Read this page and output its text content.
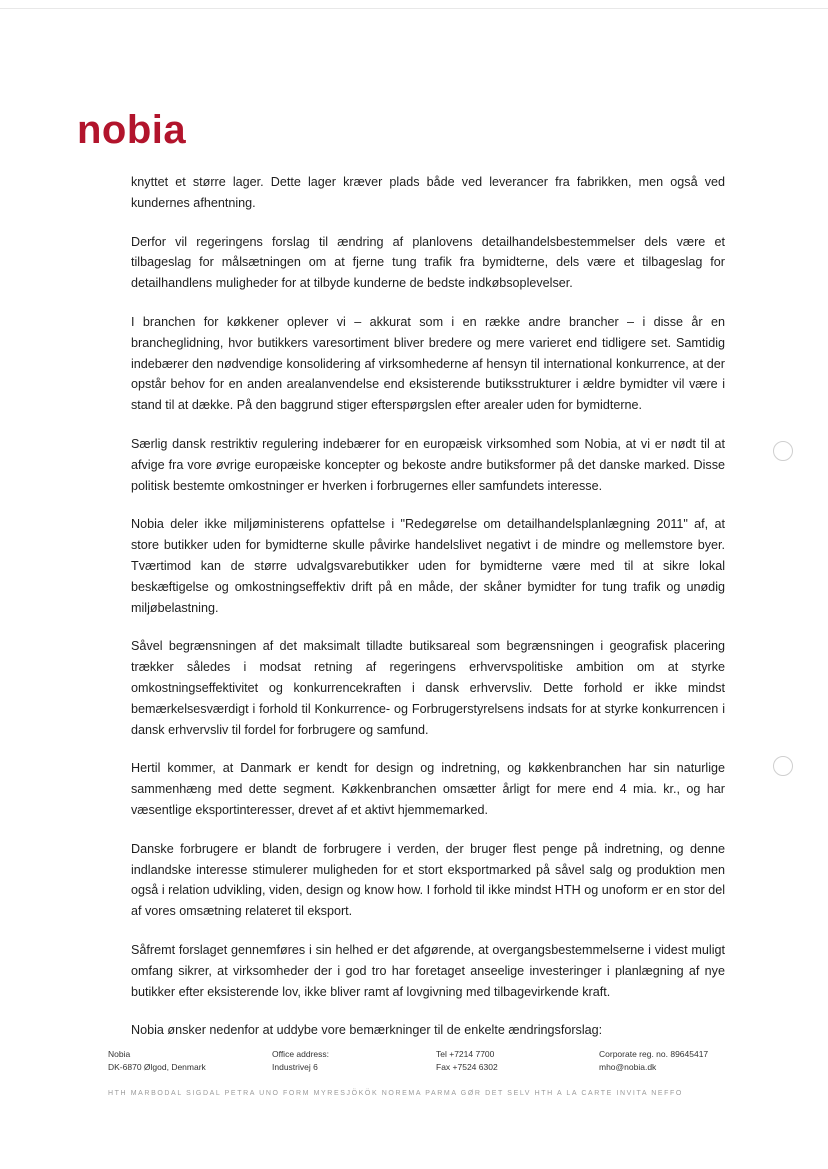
nobia

knyttet et større lager. Dette lager kræver plads både ved leverancer fra fabrikken, men også ved kundernes afhentning.

Derfor vil regeringens forslag til ændring af planlovens detailhandelsbestemmelser dels være et tilbageslag for målsætningen om at fjerne tung trafik fra bymidterne, dels være et tilbageslag for detailhandlens muligheder for at tilbyde kunderne de bedste indkøbsoplevelser.

I branchen for køkkener oplever vi – akkurat som i en række andre brancher – i disse år en brancheglidning, hvor butikkers varesortiment bliver bredere og mere varieret end tidligere set. Samtidig indebærer den nødvendige konsolidering af virksomhederne af hensyn til international konkurrence, at der opstår behov for en anden arealanvendelse end eksisterende butiksstrukturer i ældre bymidter vil være i stand til at dække. På den baggrund stiger efterspørgslen efter arealer uden for bymidterne.

Særlig dansk restriktiv regulering indebærer for en europæisk virksomhed som Nobia, at vi er nødt til at afvige fra vore øvrige europæiske koncepter og bekoste andre butiksformer på det danske marked. Disse politisk bestemte omkostninger er hverken i forbrugernes eller samfundets interesse.

Nobia deler ikke miljøministerens opfattelse i "Redegørelse om detailhandelsplanlægning 2011" af, at store butikker uden for bymidterne skulle påvirke handelslivet negativt i de mindre og mellemstore byer. Tværtimod kan de større udvalgsvarebutikker uden for bymidterne være med til at sikre lokal beskæftigelse og omkostningseffektiv drift på en måde, der skåner bymidter for tung trafik og unødig miljøbelastning.

Såvel begrænsningen af det maksimalt tilladte butiksareal som begrænsningen i geografisk placering trækker således i modsat retning af regeringens erhvervspolitiske ambition om at styrke omkostningseffektivitet og konkurrencekraften i dansk erhvervsliv. Dette forhold er ikke mindst bemærkelsesværdigt i forhold til Konkurrence- og Forbrugerstyrelsens indsats for at styrke konkurrencen i dansk erhvervsliv til fordel for forbrugere og samfund.

Hertil kommer, at Danmark er kendt for design og indretning, og køkkenbranchen har sin naturlige sammenhæng med dette segment. Køkkenbranchen omsætter årligt for mere end 4 mia. kr., og har væsentlige eksportinteresser, drevet af et aktivt hjemmemarked.

Danske forbrugere er blandt de forbrugere i verden, der bruger flest penge på indretning, og denne indlandske interesse stimulerer muligheden for et stort eksportmarked på såvel salg og produktion men også i relation udvikling, viden, design og know how. I forhold til ikke mindst HTH og unoform er en stor del af vores omsætning relateret til eksport.

Såfremt forslaget gennemføres i sin helhed er det afgørende, at overgangsbestemmelserne i videst muligt omfang sikrer, at virksomheder der i god tro har foretaget anseelige investeringer i planlægning af nye butikker efter eksisterende lov, ikke bliver ramt af lovgivning med tilbagevirkende kraft.

Nobia ønsker nedenfor at uddybe vore bemærkninger til de enkelte ændringsforslag:

Nobia
DK-6870 Ølgod, Denmark
Office address:
Industrivej 6
Tel +7214 7700
Fax +7524 6302
Corporate reg. no. 89645417
mho@nobia.dk
HTH MARBODAL SIGDAL PETRA UNO FORM MYRESJÖKÖK NOREMA PARMA GØR DET SELV HTH A LA CARTE INVITA NEFFO
